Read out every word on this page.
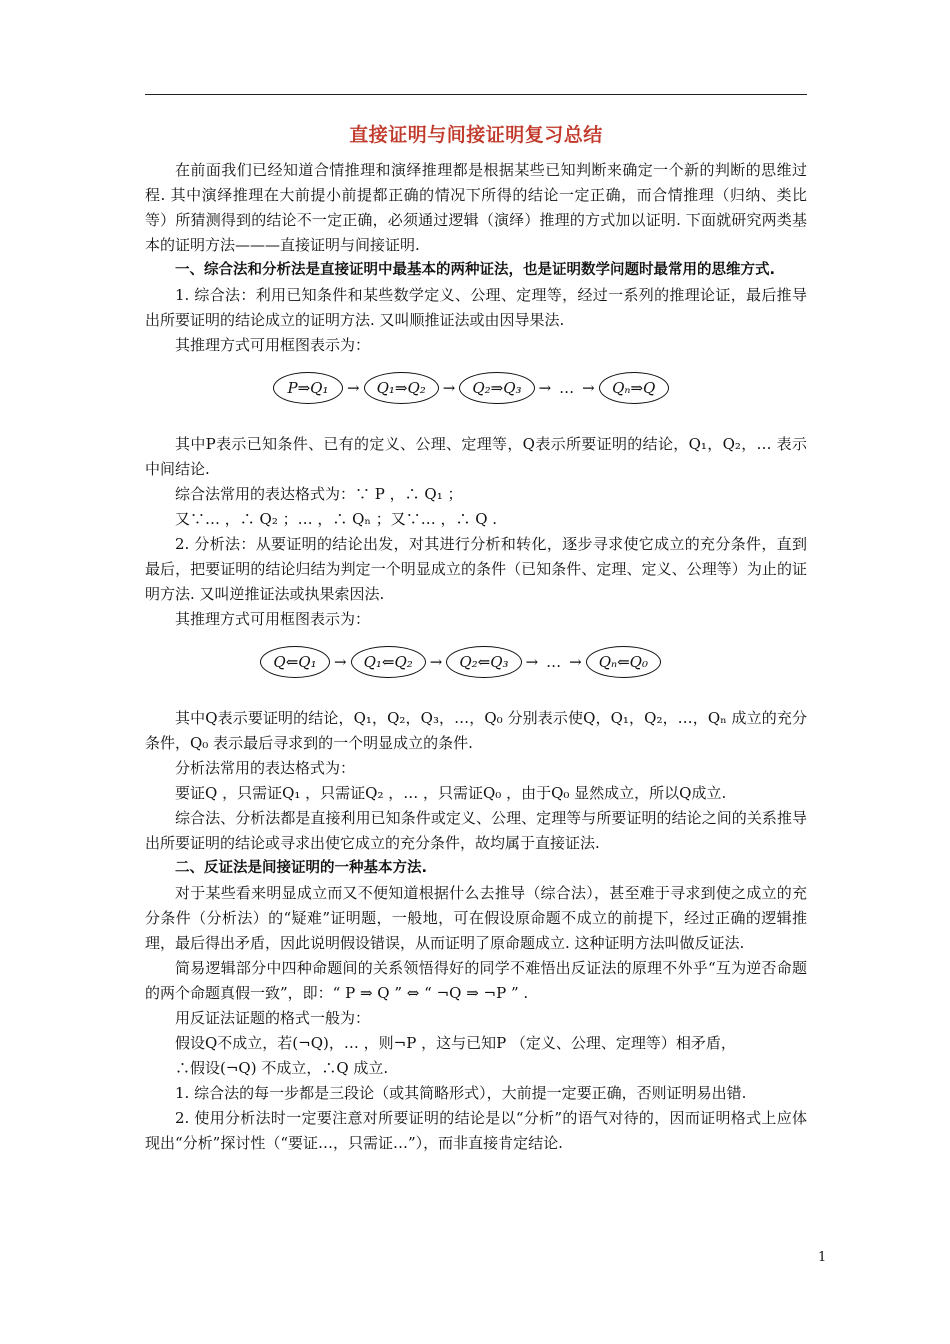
直接证明与间接证明复习总结

在前面我们已经知道合情推理和演绎推理都是根据某些已知判断来确定一个新的判断的思维过程. 其中演绎推理在大前提小前提都正确的情况下所得的结论一定正确，而合情推理（归纳、类比等）所猜测得到的结论不一定正确，必须通过逻辑（演绎）推理的方式加以证明. 下面就研究两类基本的证明方法———直接证明与间接证明.

一、综合法和分析法是直接证明中最基本的两种证法，也是证明数学问题时最常用的思维方式.

1. 综合法：利用已知条件和某些数学定义、公理、定理等，经过一系列的推理论证，最后推导出所要证明的结论成立的证明方法. 又叫顺推证法或由因导果法.

其推理方式可用框图表示为：

P⇒Q₁	→	Q₁⇒Q₂	→	Q₂⇒Q₃	→ … →	Qₙ⇒Q

其中P表示已知条件、已有的定义、公理、定理等，Q表示所要证明的结论，Q₁，Q₂，… 表示中间结论.

综合法常用的表达格式为：∵ P ，∴ Q₁ ；

又∵… ，∴ Q₂ ；… ，∴ Qₙ ；又∵… ，∴ Q .

2. 分析法：从要证明的结论出发，对其进行分析和转化，逐步寻求使它成立的充分条件，直到最后，把要证明的结论归结为判定一个明显成立的条件（已知条件、定理、定义、公理等）为止的证明方法. 又叫逆推证法或执果索因法.

其推理方式可用框图表示为：

Q⇐Q₁	→	Q₁⇐Q₂	→	Q₂⇐Q₃	→ … →	Qₙ⇐Q₀

其中Q表示要证明的结论，Q₁，Q₂，Q₃，…，Q₀ 分别表示使Q，Q₁，Q₂，…，Qₙ 成立的充分条件，Q₀ 表示最后寻求到的一个明显成立的条件.

分析法常用的表达格式为：

要证Q ，只需证Q₁ ，只需证Q₂ ，… ，只需证Q₀ ，由于Q₀ 显然成立，所以Q成立.

综合法、分析法都是直接利用已知条件或定义、公理、定理等与所要证明的结论之间的关系推导出所要证明的结论或寻求出使它成立的充分条件，故均属于直接证法.

二、反证法是间接证明的一种基本方法.

对于某些看来明显成立而又不便知道根据什么去推导（综合法），甚至难于寻求到使之成立的充分条件（分析法）的“疑难”证明题，一般地，可在假设原命题不成立的前提下，经过正确的逻辑推理，最后得出矛盾，因此说明假设错误，从而证明了原命题成立. 这种证明方法叫做反证法.

简易逻辑部分中四种命题间的关系领悟得好的同学不难悟出反证法的原理不外乎“互为逆否命题的两个命题真假一致”，即：“ P ⇒ Q ” ⇔ “ ¬Q ⇒ ¬P ” .

用反证法证题的格式一般为：

假设Q不成立，若(¬Q)，… ，则¬P ，这与已知P （定义、公理、定理等）相矛盾，

∴假设(¬Q) 不成立，∴Q 成立.

1. 综合法的每一步都是三段论（或其简略形式），大前提一定要正确，否则证明易出错.

2. 使用分析法时一定要注意对所要证明的结论是以“分析”的语气对待的，因而证明格式上应体现出“分析”探讨性（“要证…，只需证…”），而非直接肯定结论.

1
